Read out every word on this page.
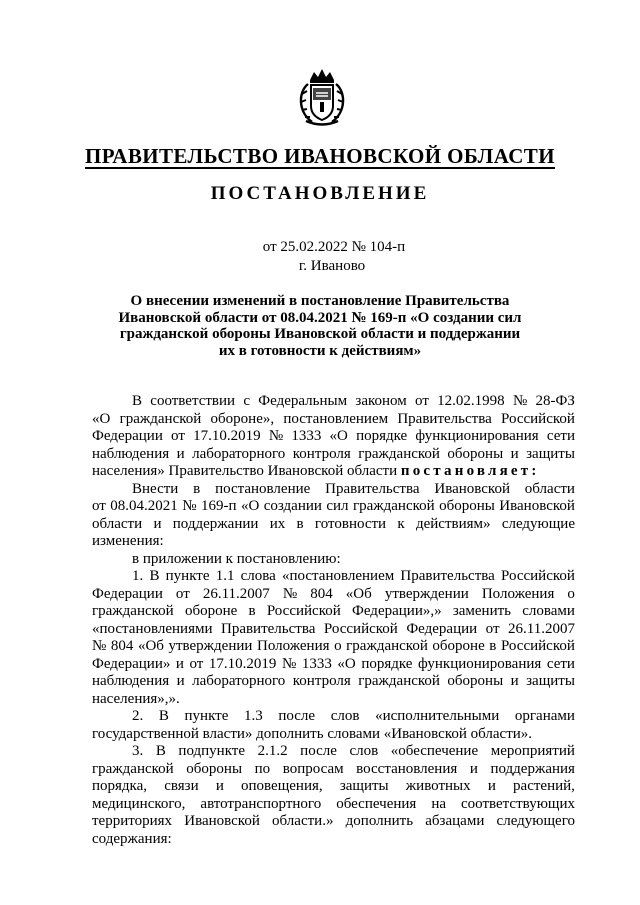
ПРАВИТЕЛЬСТВО ИВАНОВСКОЙ ОБЛАСТИ
ПОСТАНОВЛЕНИЕ
от 25.02.2022 № 104-п
г. Иваново
О внесении изменений в постановление Правительства
Ивановской области от 08.04.2021 № 169-п «О создании сил
гражданской обороны Ивановской области и поддержании
их в готовности к действиям»
В соответствии с Федеральным законом от 12.02.1998 № 28-ФЗ
«О гражданской обороне», постановлением Правительства Российской
Федерации от 17.10.2019 № 1333 «О порядке функционирования сети
наблюдения и лабораторного контроля гражданской обороны и защиты
населения» Правительство Ивановской области
постановляет:
Внести в постановление Правительства Ивановской области
от 08.04.2021 № 169-п «О создании сил гражданской обороны Ивановской
области и поддержании их в готовности к действиям» следующие
изменения:
в приложении к постановлению:
1. В пункте 1.1 слова «постановлением Правительства Российской
Федерации от 26.11.2007 № 804 «Об утверждении Положения о
гражданской обороне в Российской Федерации»,» заменить словами
«постановлениями Правительства Российской Федерации от 26.11.2007
№ 804 «Об утверждении Положения о гражданской обороне в Российской
Федерации» и от 17.10.2019 № 1333 «О порядке функционирования сети
наблюдения и лабораторного контроля гражданской обороны и защиты
населения»,».
2. В пункте 1.3 после слов «исполнительными органами
государственной власти» дополнить словами «Ивановской области».
3. В подпункте 2.1.2 после слов «обеспечение мероприятий
гражданской обороны по вопросам восстановления и поддержания
порядка, связи и оповещения, защиты животных и растений,
медицинского, автотранспортного обеспечения на соответствующих
территориях Ивановской области.» дополнить абзацами следующего
содержания:
